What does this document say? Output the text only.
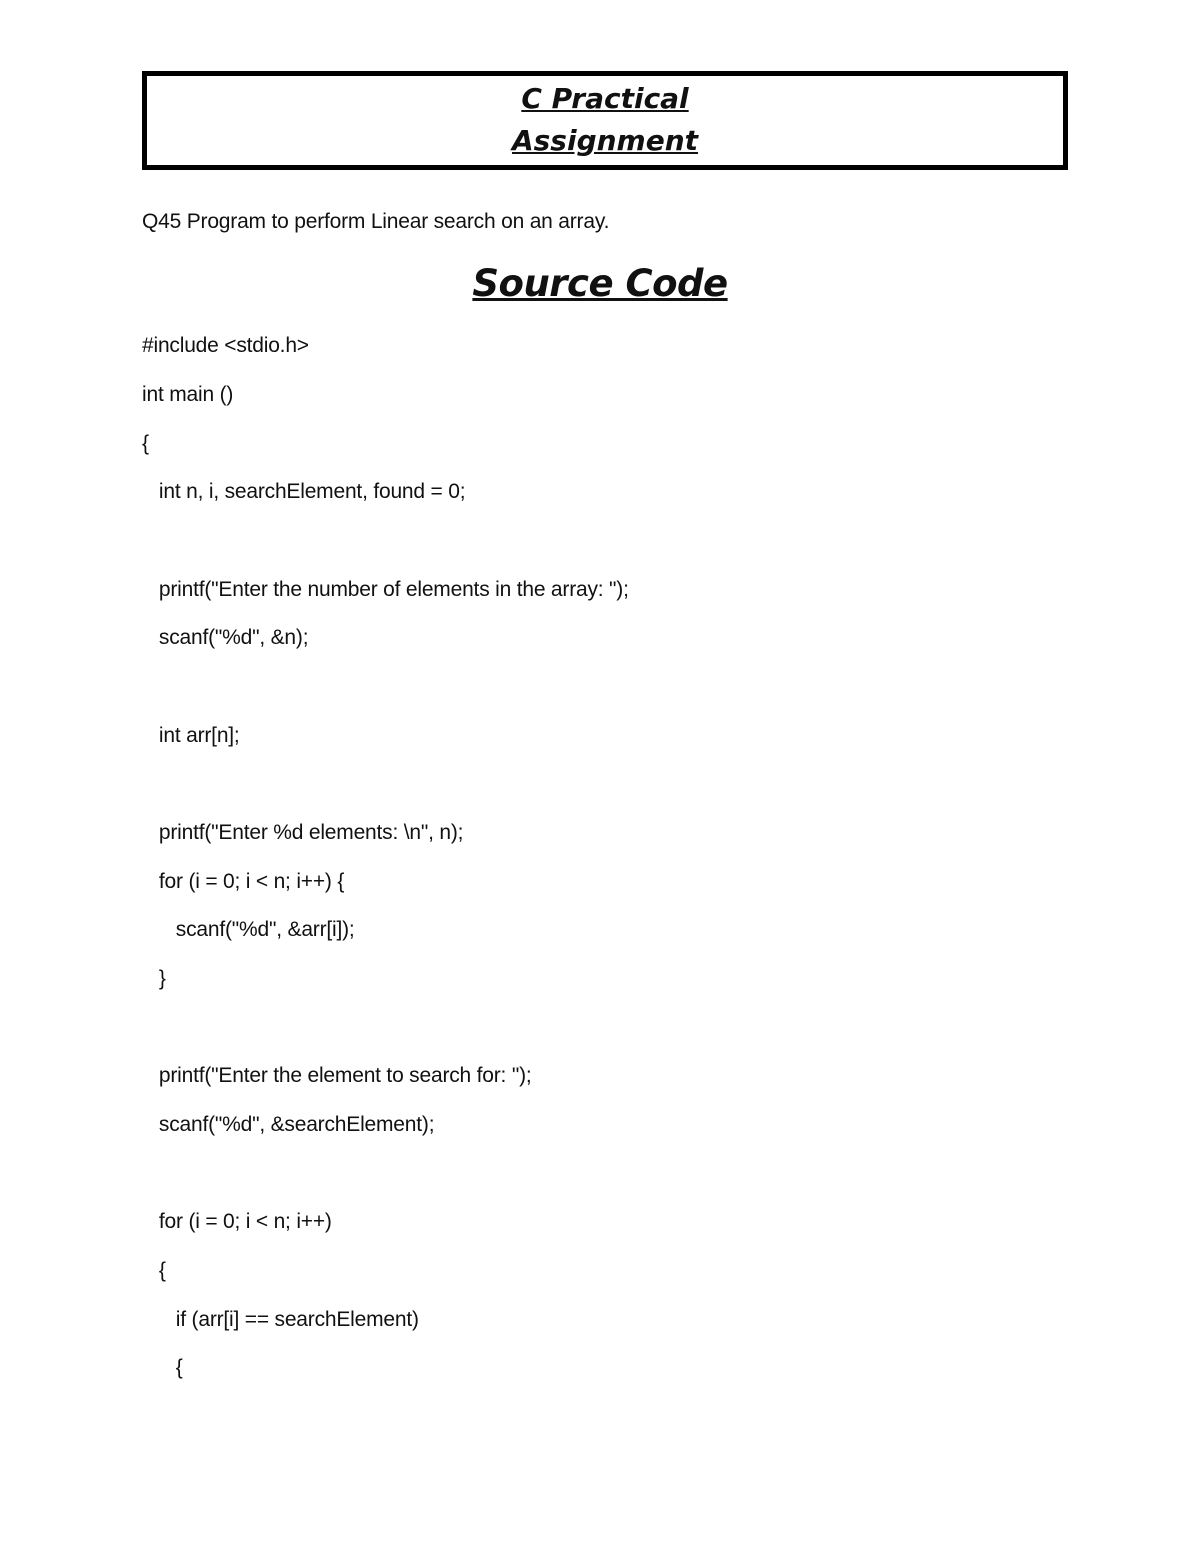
C Practical
Assignment
Q45 Program to perform Linear search on an array.
Source Code
#include <stdio.h>
int main ()
{
int n, i, searchElement, found = 0;
printf("Enter the number of elements in the array: ");
scanf("%d", &n);
int arr[n];
printf("Enter %d elements: \n", n);
for (i = 0; i < n; i++) {
scanf("%d", &arr[i]);
}
printf("Enter the element to search for: ");
scanf("%d", &searchElement);
for (i = 0; i < n; i++)
{
if (arr[i] == searchElement)
{
